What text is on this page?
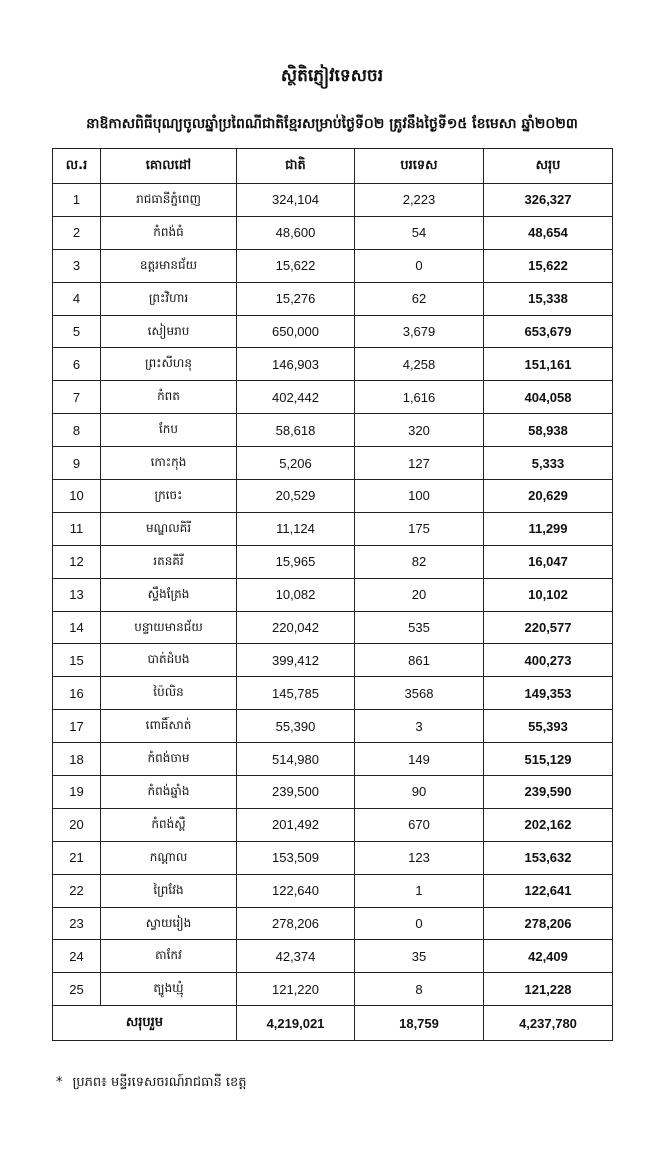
ស្ថិតិភ្ញៀវទេសចរ
នាឱកាសពិធីបុណ្យចូលឆ្នាំប្រពៃណីជាតិខ្មែរសម្រាប់ថ្ងៃទី០២ ត្រូវនឹងថ្ងៃទី១៥ ខែមេសា ឆ្នាំ២០២៣
ល.រ	គោលដៅ	ជាតិ	បរទេស	សរុប
1	រាជធានីភ្នំពេញ	324,104	2,223	326,327
2	កំពង់ធំ	48,600	54	48,654
3	ឧត្តរមានជ័យ	15,622	0	15,622
4	ព្រះវិហារ	15,276	62	15,338
5	សៀមរាប	650,000	3,679	653,679
6	ព្រះសីហនុ	146,903	4,258	151,161
7	កំពត	402,442	1,616	404,058
8	កែប	58,618	320	58,938
9	កោះកុង	5,206	127	5,333
10	ក្រចេះ	20,529	100	20,629
11	មណ្ឌលគិរី	11,124	175	11,299
12	រតនគិរី	15,965	82	16,047
13	ស្ទឹងត្រែង	10,082	20	10,102
14	បន្ទាយមានជ័យ	220,042	535	220,577
15	បាត់ដំបង	399,412	861	400,273
16	ប៉ៃលិន	145,785	3568	149,353
17	ពោធិ៍សាត់	55,390	3	55,393
18	កំពង់ចាម	514,980	149	515,129
19	កំពង់ឆ្នាំង	239,500	90	239,590
20	កំពង់ស្ពឺ	201,492	670	202,162
21	កណ្តាល	153,509	123	153,632
22	ព្រៃវែង	122,640	1	122,641
23	ស្វាយរៀង	278,206	0	278,206
24	តាកែវ	42,374	35	42,409
25	ត្បូងឃ្មុំ	121,220	8	121,228
សរុបរួម		4,219,021	18,759	4,237,780
* ប្រភព៖ មន្ទីរទេសចរណ៍រាជធានី ខេត្ត
